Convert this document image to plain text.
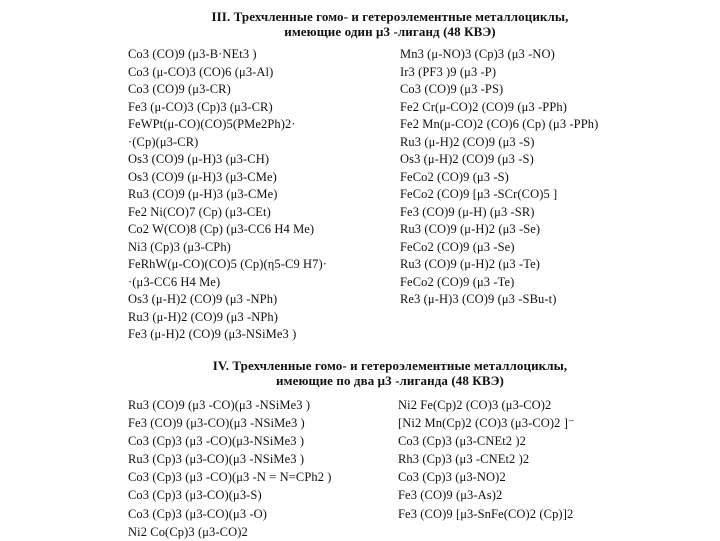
III. Трехчленные гомо- и гетероэлементные металлоциклы,
имеющие один μ3 -лиганд (48 КВЭ)
Co3 (CO)9 (μ3-B·NEt3 )
Co3 (μ-CO)3 (CO)6 (μ3-Al)
Co3 (CO)9 (μ3-CR)
Fe3 (μ-CO)3 (Cp)3 (μ3-CR)
FeWPt(μ-CO)(CO)5(PMe2Ph)2·
·(Cp)(μ3-CR)
Os3 (CO)9 (μ-H)3 (μ3-CH)
Os3 (CO)9 (μ-H)3 (μ3-CMe)
Ru3 (CO)9 (μ-H)3 (μ3-CMe)
Fe2 Ni(CO)7 (Cp) (μ3-CEt)
Co2 W(CO)8 (Cp) (μ3-CC6 H4 Me)
Ni3 (Cp)3 (μ3-CPh)
FeRhW(μ-CO)(CO)5 (Cp)(η5-C9 H7)·
·(μ3-CC6 H4 Me)
Os3 (μ-H)2 (CO)9 (μ3 -NPh)
Ru3 (μ-H)2 (CO)9 (μ3 -NPh)
Fe3 (μ-H)2 (CO)9 (μ3-NSiMe3 )
Mn3 (μ-NO)3 (Cp)3 (μ3 -NO)
Ir3 (PF3 )9 (μ3 -P)
Co3 (CO)9 (μ3 -PS)
Fe2 Cr(μ-CO)2 (CO)9 (μ3 -PPh)
Fe2 Mn(μ-CO)2 (CO)6 (Cp) (μ3 -PPh)
Ru3 (μ-H)2 (CO)9 (μ3 -S)
Os3 (μ-H)2 (CO)9 (μ3 -S)
FeCo2 (CO)9 (μ3 -S)
FeCo2 (CO)9 [μ3 -SCr(CO)5 ]
Fe3 (CO)9 (μ-H) (μ3 -SR)
Ru3 (CO)9 (μ-H)2 (μ3 -Se)
FeCo2 (CO)9 (μ3 -Se)
Ru3 (CO)9 (μ-H)2 (μ3 -Te)
FeCo2 (CO)9 (μ3 -Te)
Re3 (μ-H)3 (CO)9 (μ3 -SBu-t)
IV. Трехчленные гомо- и гетероэлементные металлоциклы,
имеющие по два μ3 -лиганда (48 КВЭ)
Ru3 (CO)9 (μ3 -CO)(μ3 -NSiMe3 )
Fe3 (CO)9 (μ3-CO)(μ3 -NSiMe3 )
Co3 (Cp)3 (μ3 -CO)(μ3-NSiMe3 )
Ru3 (Cp)3 (μ3-CO)(μ3 -NSiMe3 )
Co3 (Cp)3 (μ3 -CO)(μ3 -N = N=CPh2 )
Co3 (Cp)3 (μ3-CO)(μ3-S)
Co3 (Cp)3 (μ3-CO)(μ3 -O)
Ni2 Co(Cp)3 (μ3-CO)2
Ni2 Fe(Cp)2 (CO)3 (μ3-CO)2
[Ni2 Mn(Cp)2 (CO)3 (μ3-CO)2 ]⁻
Co3 (Cp)3 (μ3-CNEt2 )2
Rh3 (Cp)3 (μ3 -CNEt2 )2
Co3 (Cp)3 (μ3-NO)2
Fe3 (CO)9 (μ3-As)2
Fe3 (CO)9 [μ3-SnFe(CO)2 (Cp)]2
